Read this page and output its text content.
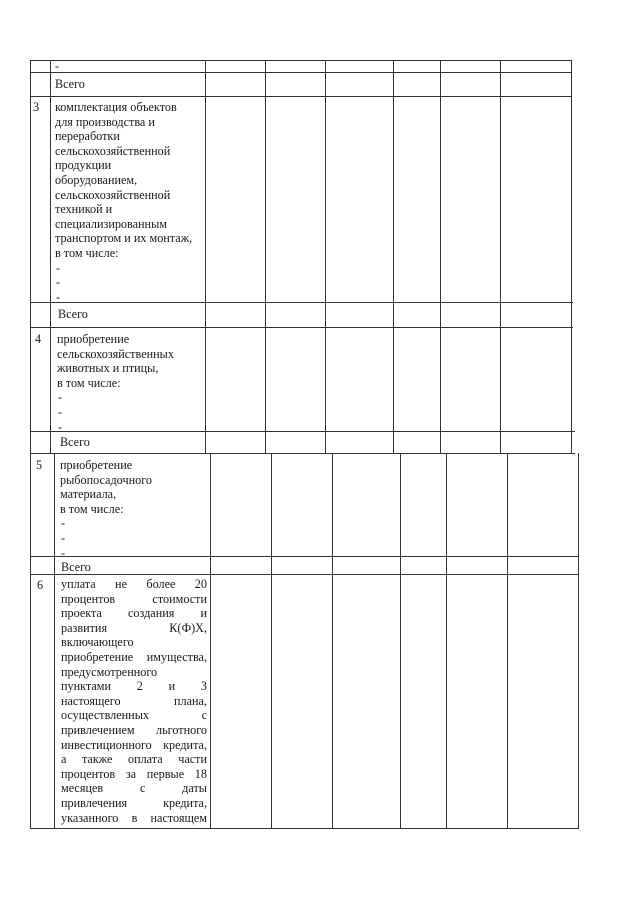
-
Всего
3 комплектация объектов
для производства и
переработки
сельскохозяйственной
продукции
оборудованием,
сельскохозяйственной
техникой и
специализированным
транспортом и их монтаж,
в том числе:
-
-
-
Всего
4 приобретение
сельскохозяйственных
животных и птицы,
в том числе:
-
-
-
Всего
5 приобретение
рыбопосадочного
материала,
в том числе:
-
-
-
Всего
6 уплата не более 20
процентов стоимости
проекта создания и
развития К(Ф)Х,
включающего
приобретение имущества,
предусмотренного
пунктами 2 и 3
настоящего плана,
осуществленных с
привлечением льготного
инвестиционного кредита,
а также оплата части
процентов за первые 18
месяцев с даты
привлечения кредита,
указанного в настоящем
